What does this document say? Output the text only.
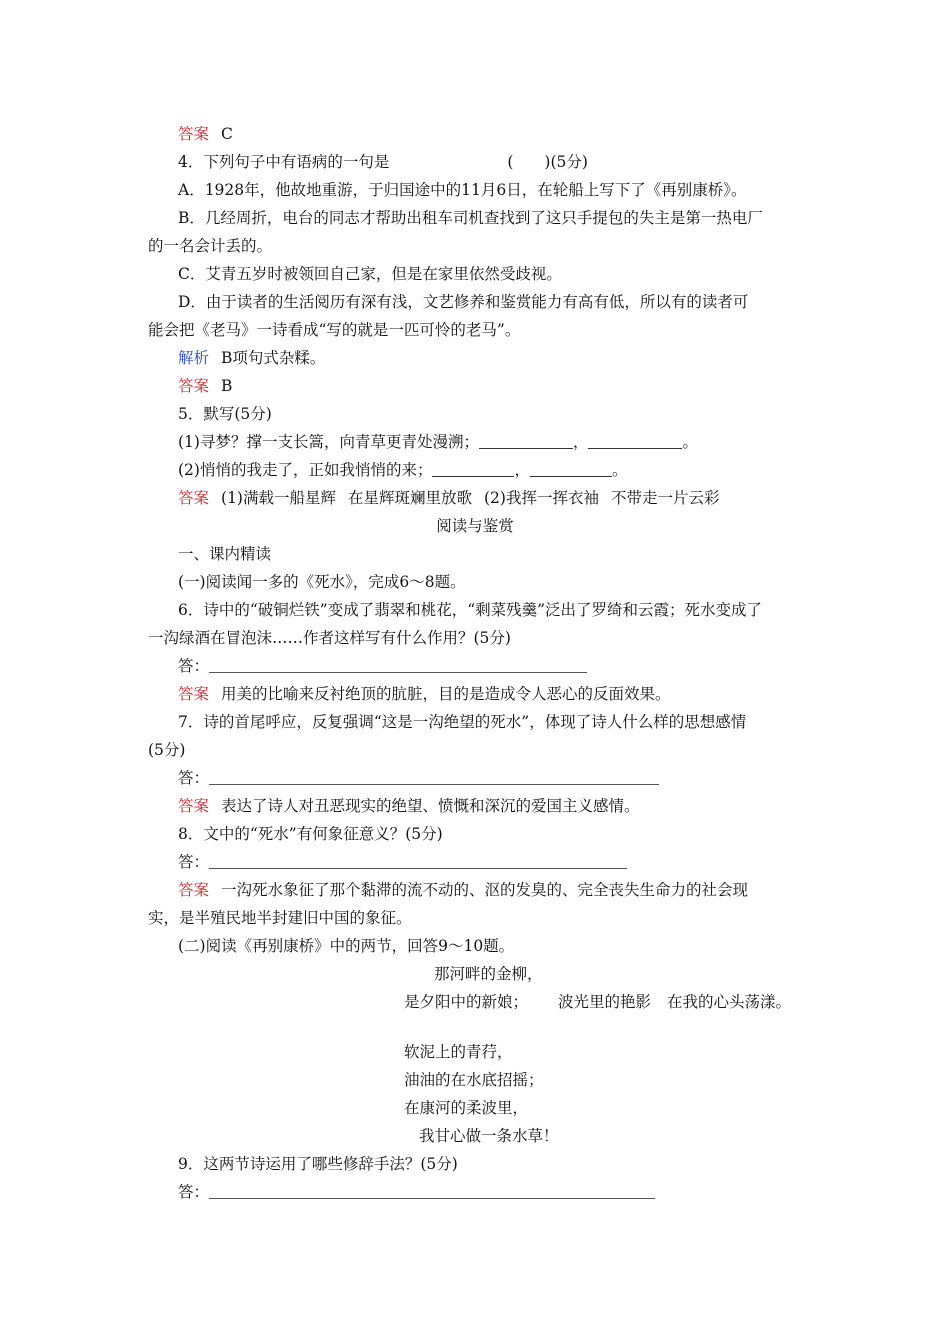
答案 C
4．下列句子中有语病的一句是	(　　)(5分)
A．1928年，他故地重游，于归国途中的11月6日，在轮船上写下了《再别康桥》。
B．几经周折，电台的同志才帮助出租车司机查找到了这只手提包的失主是第一热电厂
的一名会计丢的。
C．艾青五岁时被领回自己家，但是在家里依然受歧视。
D．由于读者的生活阅历有深有浅，文艺修养和鉴赏能力有高有低，所以有的读者可
能会把《老马》一诗看成“写的就是一匹可怜的老马”。
解析 B项句式杂糅。
答案 B
5．默写(5分)
(1)寻梦？撑一支长篙，向青草更青处漫溯；	，	。
(2)悄悄的我走了，正如我悄悄的来；	，	。
答案 (1)满载一船星辉 在星辉斑斓里放歌 (2)我挥一挥衣袖 不带走一片云彩
阅读与鉴赏
一、课内精读
(一)阅读闻一多的《死水》，完成6～8题。
6．诗中的“破铜烂铁”变成了翡翠和桃花，“剩菜残羹”泛出了罗绮和云霞；死水变成了
一沟绿酒在冒泡沫……作者这样写有什么作用？(5分)
答：
答案 用美的比喻来反衬绝顶的肮脏，目的是造成令人恶心的反面效果。
7．诗的首尾呼应，反复强调“这是一沟绝望的死水”，体现了诗人什么样的思想感情
(5分)
答：
答案 表达了诗人对丑恶现实的绝望、愤慨和深沉的爱国主义感情。
8．文中的“死水”有何象征意义？(5分)
答：
答案 一沟死水象征了那个黏滞的流不动的、沤的发臭的、完全丧失生命力的社会现
实，是半殖民地半封建旧中国的象征。
(二)阅读《再别康桥》中的两节，回答9～10题。
那河畔的金柳，
是夕阳中的新娘； 波光里的艳影 在我的心头荡漾。
软泥上的青荇，
油油的在水底招摇；
在康河的柔波里，
我甘心做一条水草！
9．这两节诗运用了哪些修辞手法？(5分)
答：
